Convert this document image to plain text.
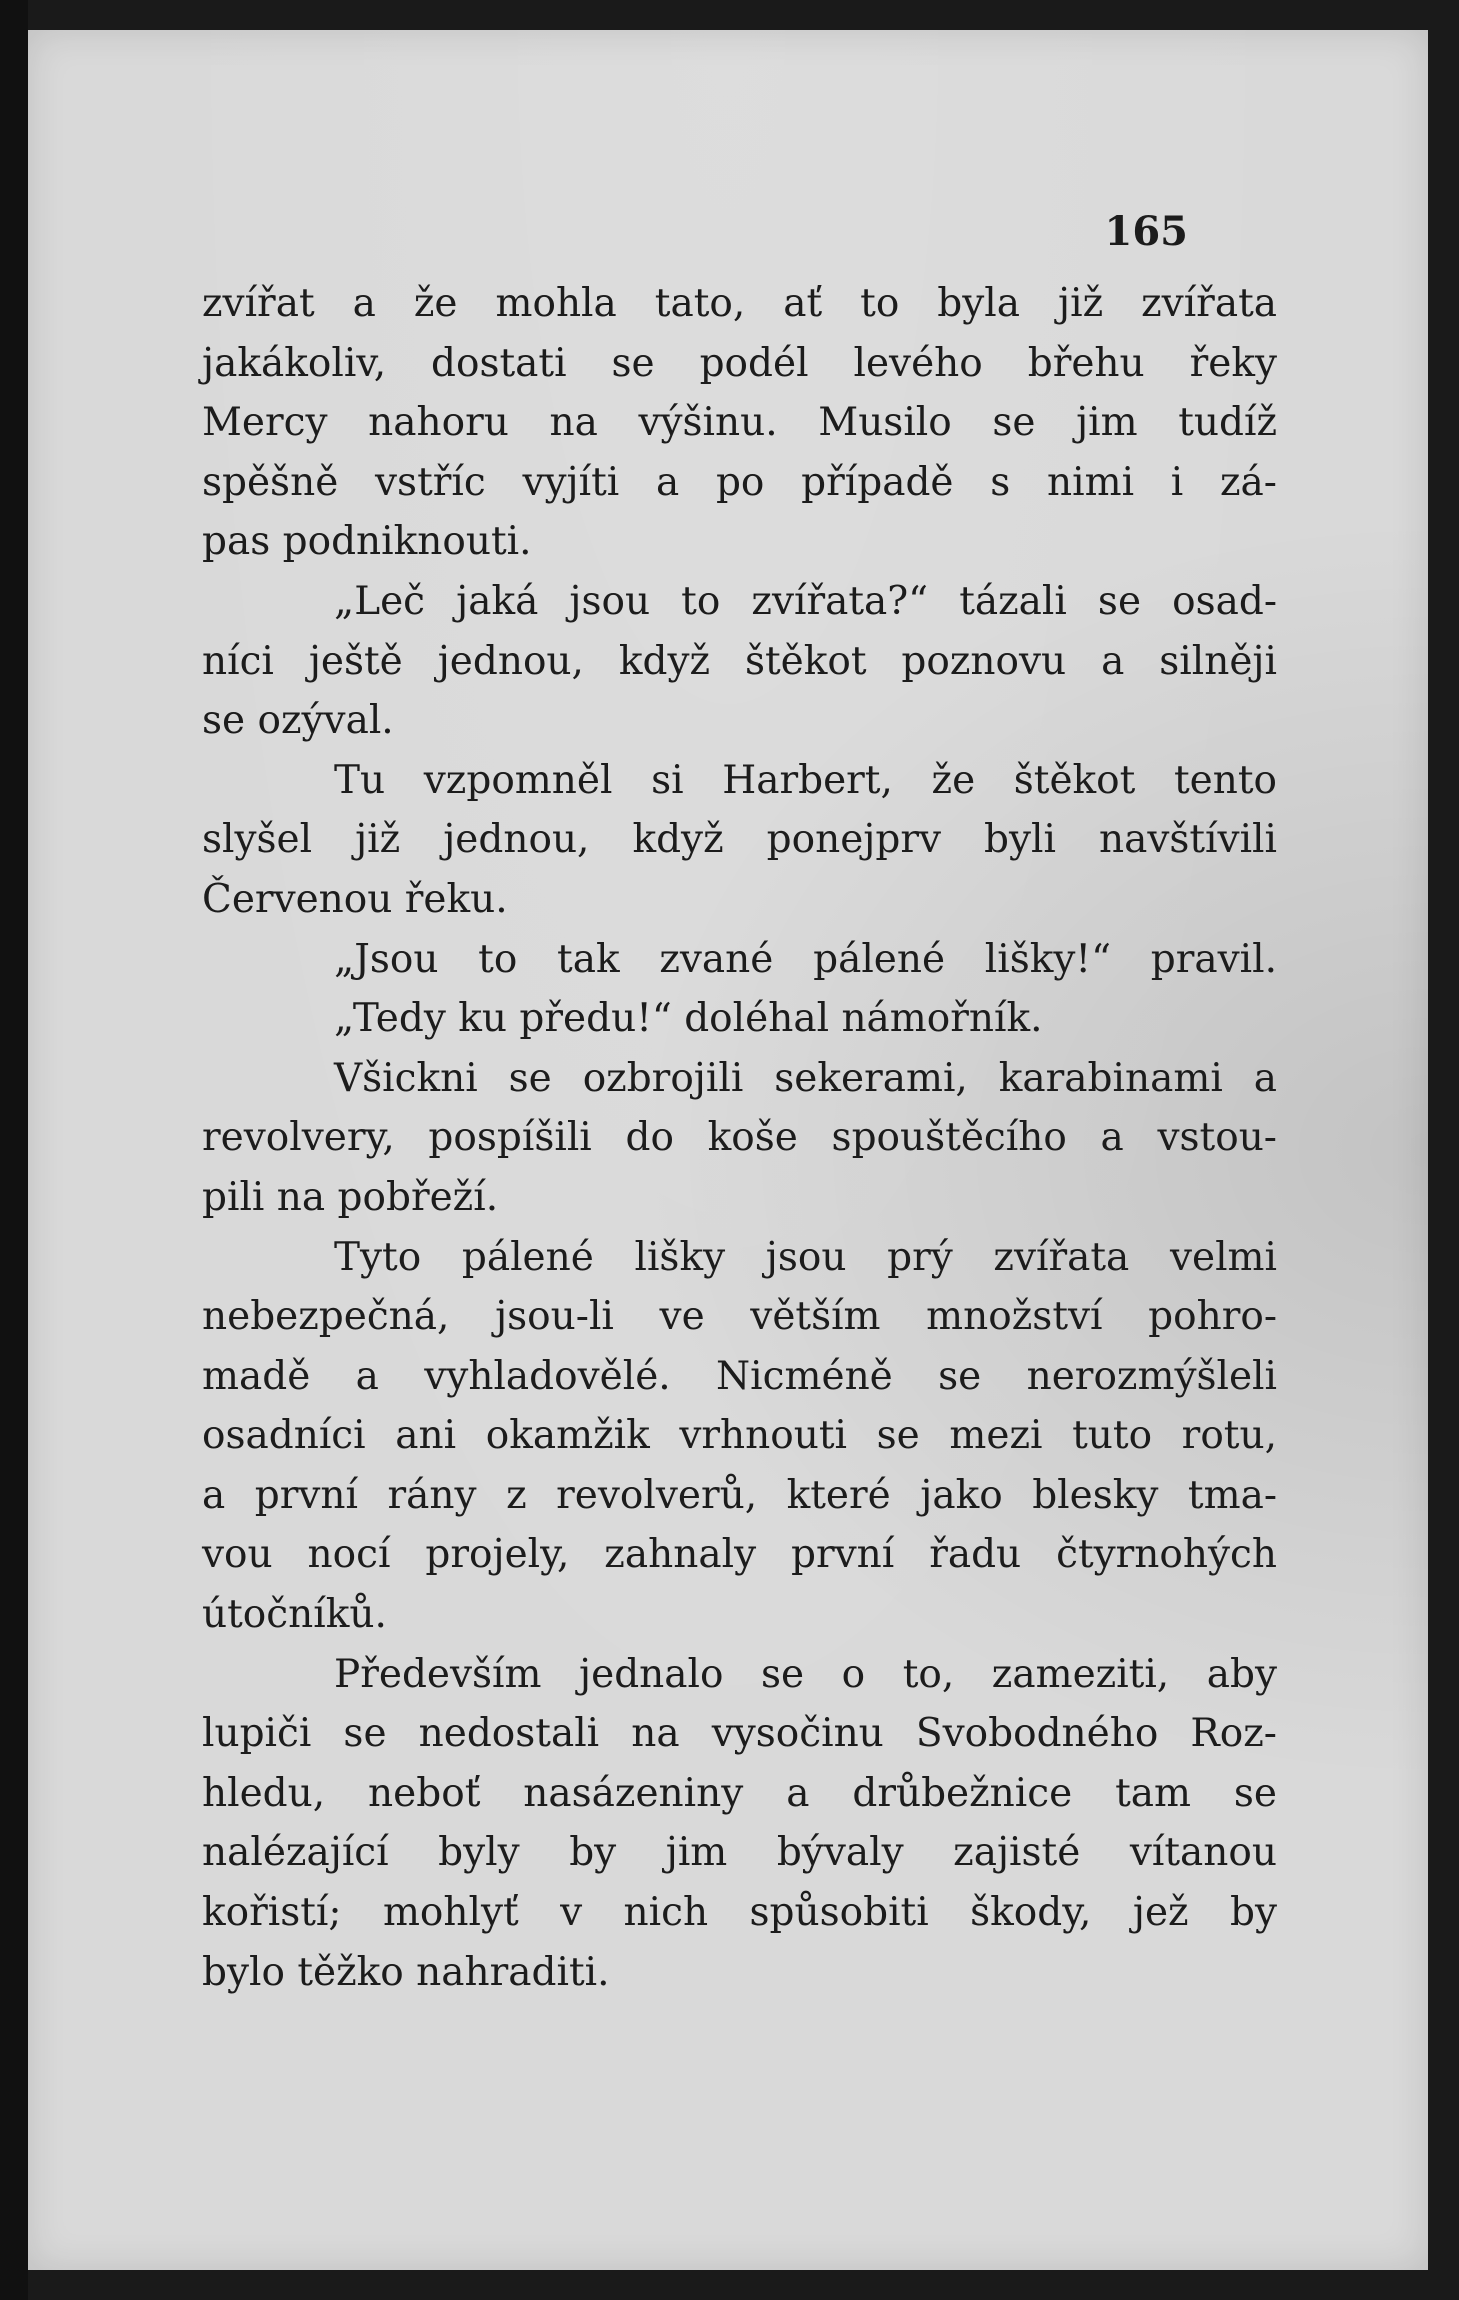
165
zvířat a že mohla tato, ať to byla již zvířata
jakákoliv, dostati se podél levého břehu řeky
Mercy nahoru na výšinu. Musilo se jim tudíž
spěšně vstříc vyjíti a po případě s nimi i zá-
pas podniknouti.
„Leč jaká jsou to zvířata?“ tázali se osad-
níci ještě jednou, když štěkot poznovu a silněji
se ozýval.
Tu vzpomněl si Harbert, že štěkot tento
slyšel již jednou, když ponejprv byli navštívili
Červenou řeku.
„Jsou to tak zvané pálené lišky!“ pravil.
„Tedy ku předu!“ doléhal námořník.
Všickni se ozbrojili sekerami, karabinami a
revolvery, pospíšili do koše spouštěcího a vstou-
pili na pobřeží.
Tyto pálené lišky jsou prý zvířata velmi
nebezpečná, jsou-li ve větším množství pohro-
madě a vyhladovělé. Nicméně se nerozmýšleli
osadníci ani okamžik vrhnouti se mezi tuto rotu,
a první rány z revolverů, které jako blesky tma-
vou nocí projely, zahnaly první řadu čtyrnohých
útočníků.
Především jednalo se o to, zameziti, aby
lupiči se nedostali na vysočinu Svobodného Roz-
hledu, neboť nasázeniny a drůbežnice tam se
nalézající byly by jim bývaly zajisté vítanou
kořistí; mohlyť v nich spůsobiti škody, jež by
bylo těžko nahraditi.
